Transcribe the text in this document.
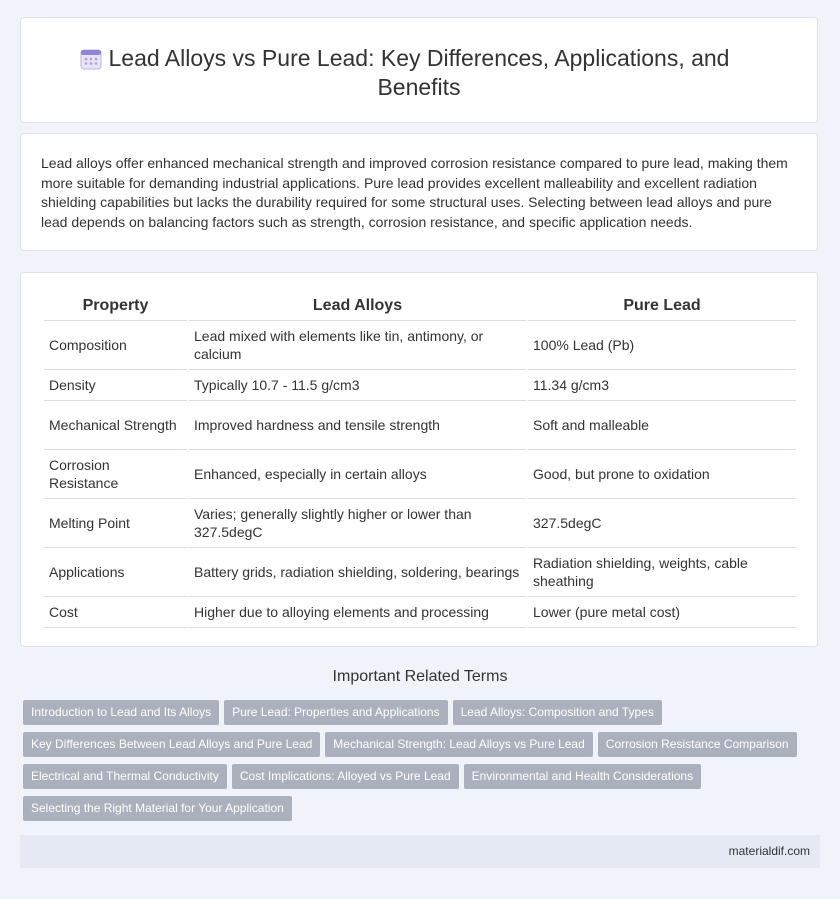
Lead Alloys vs Pure Lead: Key Differences, Applications, and Benefits

Lead alloys offer enhanced mechanical strength and improved corrosion resistance compared to pure lead, making them more suitable for demanding industrial applications. Pure lead provides excellent malleability and excellent radiation shielding capabilities but lacks the durability required for some structural uses. Selecting between lead alloys and pure lead depends on balancing factors such as strength, corrosion resistance, and specific application needs.

Property	Lead Alloys	Pure Lead
Composition	Lead mixed with elements like tin, antimony, or calcium	100% Lead (Pb)
Density	Typically 10.7 - 11.5 g/cm3	11.34 g/cm3
Mechanical Strength	Improved hardness and tensile strength	Soft and malleable
Corrosion Resistance	Enhanced, especially in certain alloys	Good, but prone to oxidation
Melting Point	Varies; generally slightly higher or lower than 327.5degC	327.5degC
Applications	Battery grids, radiation shielding, soldering, bearings	Radiation shielding, weights, cable sheathing
Cost	Higher due to alloying elements and processing	Lower (pure metal cost)
Important Related Terms
Introduction to Lead and Its Alloys Pure Lead: Properties and Applications Lead Alloys: Composition and Types
Key Differences Between Lead Alloys and Pure Lead Mechanical Strength: Lead Alloys vs Pure Lead Corrosion Resistance Comparison
Electrical and Thermal Conductivity Cost Implications: Alloyed vs Pure Lead Environmental and Health Considerations
Selecting the Right Material for Your Application
materialdif.com
